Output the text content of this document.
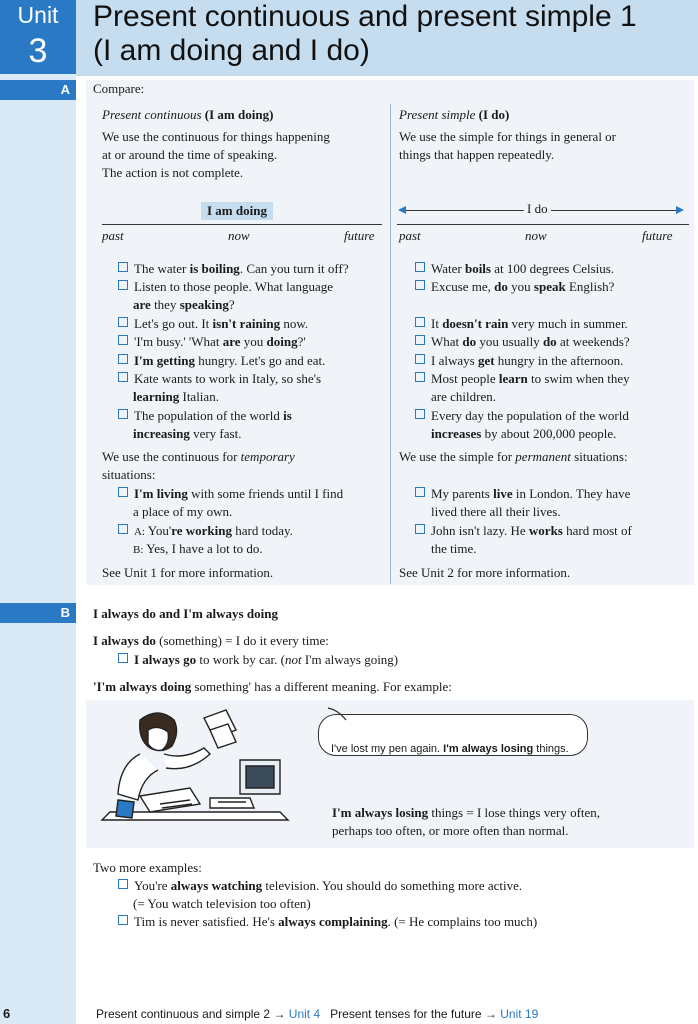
Unit
3
Present continuous and present simple 1
(I am doing and I do)
A
B
Compare:
Present continuous (I am doing)
We use the continuous for things happening
at or around the time of speaking.
The action is not complete.
I am doing
past	now	future
The water is boiling. Can you turn it off?
Listen to those people. What language
are they speaking?
Let's go out. It isn't raining now.
'I'm busy.' 'What are you doing?'
I'm getting hungry. Let's go and eat.
Kate wants to work in Italy, so she's
learning Italian.
The population of the world is
increasing very fast.
We use the continuous for temporary
situations:
I'm living with some friends until I find
a place of my own.
A: You're working hard today.
B: Yes, I have a lot to do.
See Unit 1 for more information.
Present simple (I do)
We use the simple for things in general or
things that happen repeatedly.
I do
past	now	future
Water boils at 100 degrees Celsius.
Excuse me, do you speak English?
It doesn't rain very much in summer.
What do you usually do at weekends?
I always get hungry in the afternoon.
Most people learn to swim when they
are children.
Every day the population of the world
increases by about 200,000 people.
We use the simple for permanent situations:
My parents live in London. They have
lived there all their lives.
John isn't lazy. He works hard most of
the time.
See Unit 2 for more information.
I always do and I'm always doing
I always do (something) = I do it every time:
I always go to work by car. (not I'm always going)
'I'm always doing something' has a different meaning. For example:
I've lost my pen again. I'm always losing things.
I'm always losing things = I lose things very often,
perhaps too often, or more often than normal.
Two more examples:
You're always watching television. You should do something more active.
(= You watch television too often)
Tim is never satisfied. He's always complaining. (= He complains too much)
6	Present continuous and simple 2 → Unit 4 Present tenses for the future → Unit 19
